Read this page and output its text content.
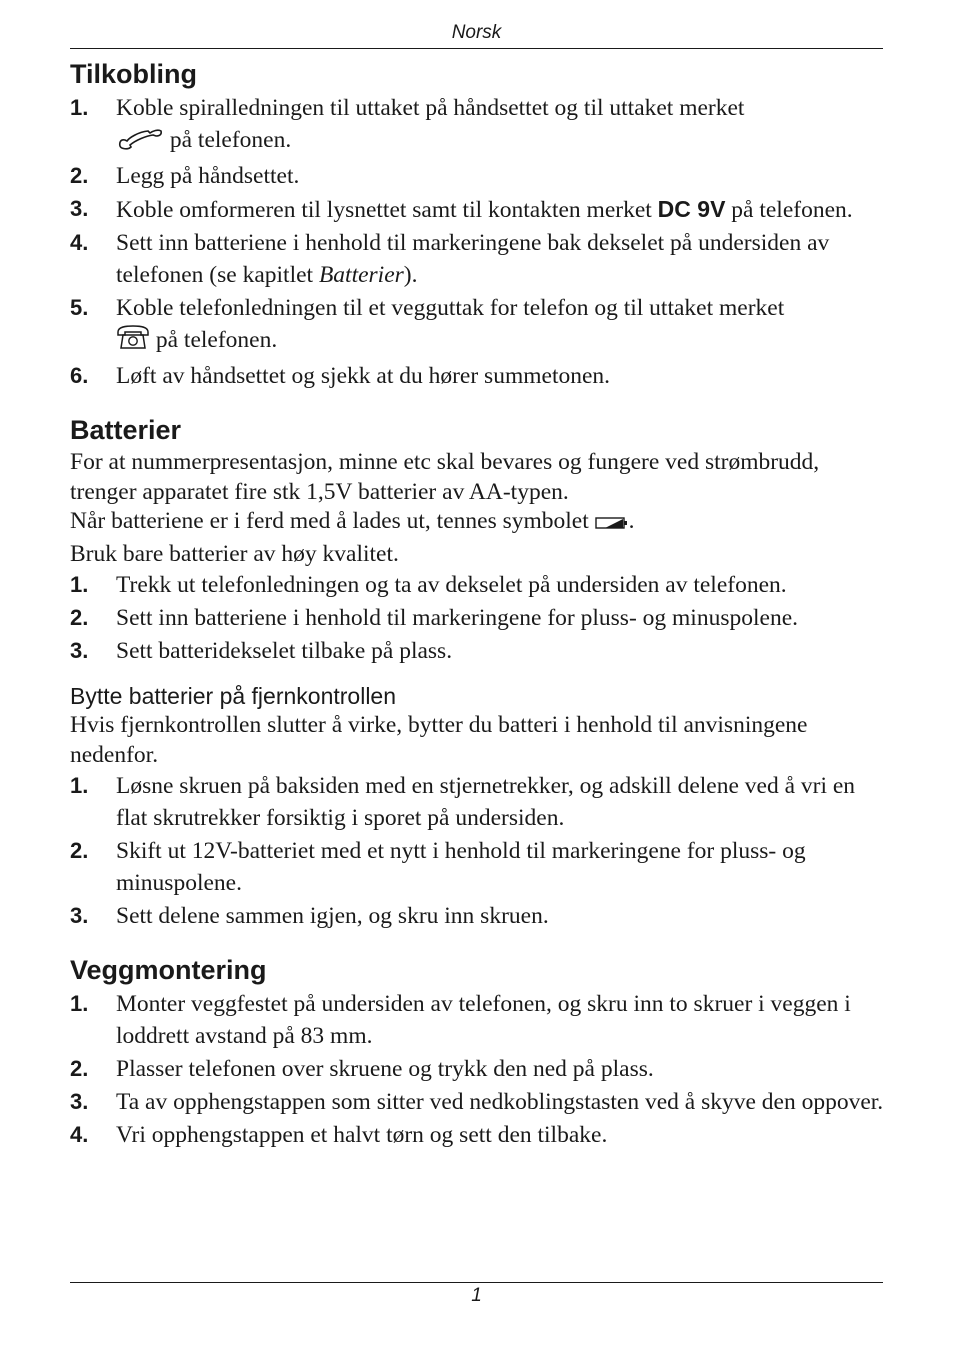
Norsk
Tilkobling
1. Koble spiralledningen til uttaket på håndsettet og til uttaket merket
på telefonen.
2. Legg på håndsettet.
3. Koble omformeren til lysnettet samt til kontakten merket DC 9V på telefonen.
4. Sett inn batteriene i henhold til markeringene bak dekselet på undersiden av telefonen (se kapitlet Batterier).
5. Koble telefonledningen til et vegguttak for telefon og til uttaket merket
på telefonen.
6. Løft av håndsettet og sjekk at du hører summetonen.
Batterier

For at nummerpresentasjon, minne etc skal bevares og fungere ved strømbrudd, trenger apparatet fire stk 1,5V batterier av AA-typen.

Når batteriene er i ferd med å lades ut, tennes symbolet .

Bruk bare batterier av høy kvalitet.

1. Trekk ut telefonledningen og ta av dekselet på undersiden av telefonen.
2. Sett inn batteriene i henhold til markeringene for pluss- og minuspolene.
3. Sett batteridekselet tilbake på plass.
Bytte batterier på fjernkontrollen

Hvis fjernkontrollen slutter å virke, bytter du batteri i henhold til anvisningene nedenfor.

1. Løsne skruen på baksiden med en stjernetrekker, og adskill delene ved å vri en flat skrutrekker forsiktig i sporet på undersiden.
2. Skift ut 12V-batteriet med et nytt i henhold til markeringene for pluss- og minuspolene.
3. Sett delene sammen igjen, og skru inn skruen.
Veggmontering
1. Monter veggfestet på undersiden av telefonen, og skru inn to skruer i veggen i loddrett avstand på 83 mm.
2. Plasser telefonen over skruene og trykk den ned på plass.
3. Ta av opphengstappen som sitter ved nedkoblingstasten ved å skyve den oppover.
4. Vri opphengstappen et halvt tørn og sett den tilbake.
1
